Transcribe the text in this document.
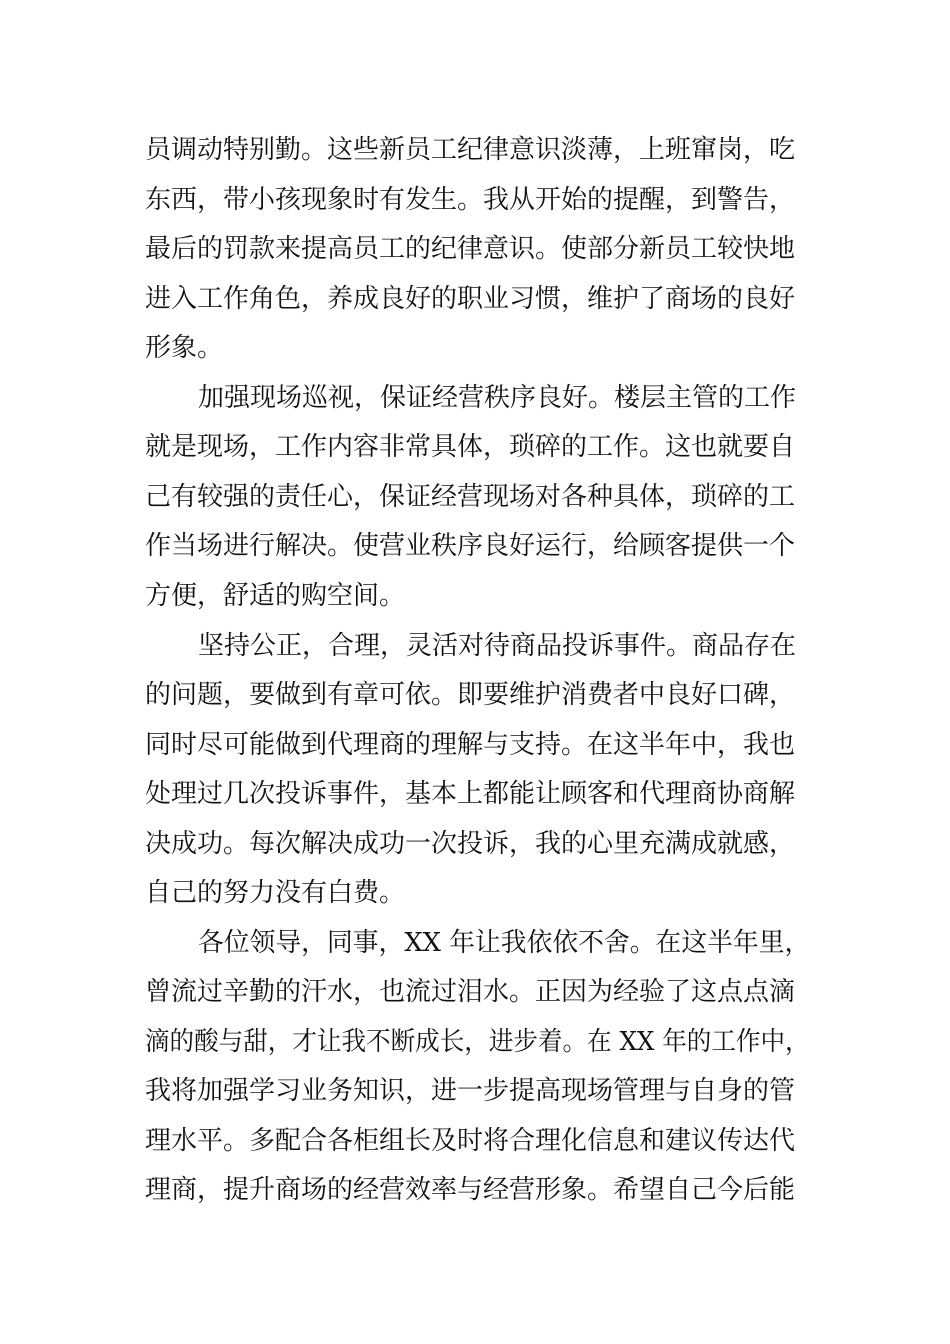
员调动特别勤。这些新员工纪律意识淡薄，上班窜岗，吃
东西，带小孩现象时有发生。我从开始的提醒，到警告，
最后的罚款来提高员工的纪律意识。使部分新员工较快地
进入工作角色，养成良好的职业习惯，维护了商场的良好
形象。
加强现场巡视，保证经营秩序良好。楼层主管的工作
就是现场，工作内容非常具体，琐碎的工作。这也就要自
己有较强的责任心，保证经营现场对各种具体，琐碎的工
作当场进行解决。使营业秩序良好运行，给顾客提供一个
方便，舒适的购空间。
坚持公正，合理，灵活对待商品投诉事件。商品存在
的问题，要做到有章可依。即要维护消费者中良好口碑，
同时尽可能做到代理商的理解与支持。在这半年中，我也
处理过几次投诉事件，基本上都能让顾客和代理商协商解
决成功。每次解决成功一次投诉，我的心里充满成就感，
自己的努力没有白费。
各位领导，同事，XX 年让我依依不舍。在这半年里，
曾流过辛勤的汗水，也流过泪水。正因为经验了这点点滴
滴的酸与甜，才让我不断成长，进步着。在 XX 年的工作中，
我将加强学习业务知识，进一步提高现场管理与自身的管
理水平。多配合各柜组长及时将合理化信息和建议传达代
理商，提升商场的经营效率与经营形象。希望自己今后能
